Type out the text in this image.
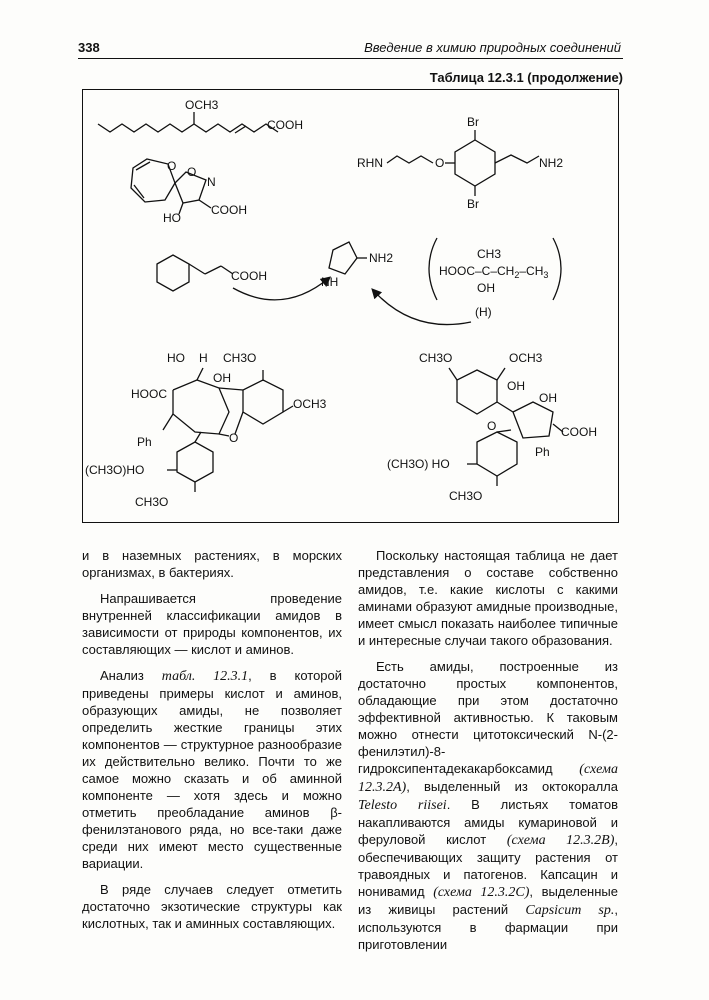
338	Введение в химию природных соединений
Таблица 12.3.1 (продолжение)
OCH3
COOH
O O
N
HO
COOH
Br
Br
O
RHN	NH2
COOH	NH
NH2	CH3
HOOC $-C-CH_2-CH_3$
OH
(H)
HO H CH3O
OH
HOOC
OCH3
O
Ph
(CH3O)HO
CH3O
CH3O	OCH3
OH
OH
O	COOH
Ph
(CH3O) HO
CH3O

и в наземных растениях, в морских организмах, в бактериях.

Напрашивается проведение внутренней классификации амидов в зависимости от природы компонентов, их составляющих — кислот и аминов.

Анализ табл. 12.3.1, в которой приведены примеры кислот и аминов, образующих амиды, не позволяет определить жесткие границы этих компонентов — структурное разнообразие их действительно велико. Почти то же самое можно сказать и об аминной компоненте — хотя здесь и можно отметить преобладание аминов β-фенилэтанового ряда, но все-таки даже среди них имеют место существенные вариации.

В ряде случаев следует отметить достаточно экзотические структуры как кислотных, так и аминных составляющих.

Поскольку настоящая таблица не дает представления о составе собственно амидов, т.е. какие кислоты с какими аминами образуют амидные производные, имеет смысл показать наиболее типичные и интересные случаи такого образования.

Есть амиды, построенные из достаточно простых компонентов, обладающие при этом достаточно эффективной активностью. К таковым можно отнести цитотоксический N-(2-фенилэтил)-8-гидроксипентадекакарбоксамид (схема 12.3.2А), выделенный из октокоралла Telesto riisei. В листьях томатов накапливаются амиды кумариновой и феруловой кислот (схема 12.3.2В), обеспечивающих защиту растения от травоядных и патогенов. Капсацин и нонивамид (схема 12.3.2С), выделенные из живицы растений Capsicum sp., используются в фармации при приготовлении
